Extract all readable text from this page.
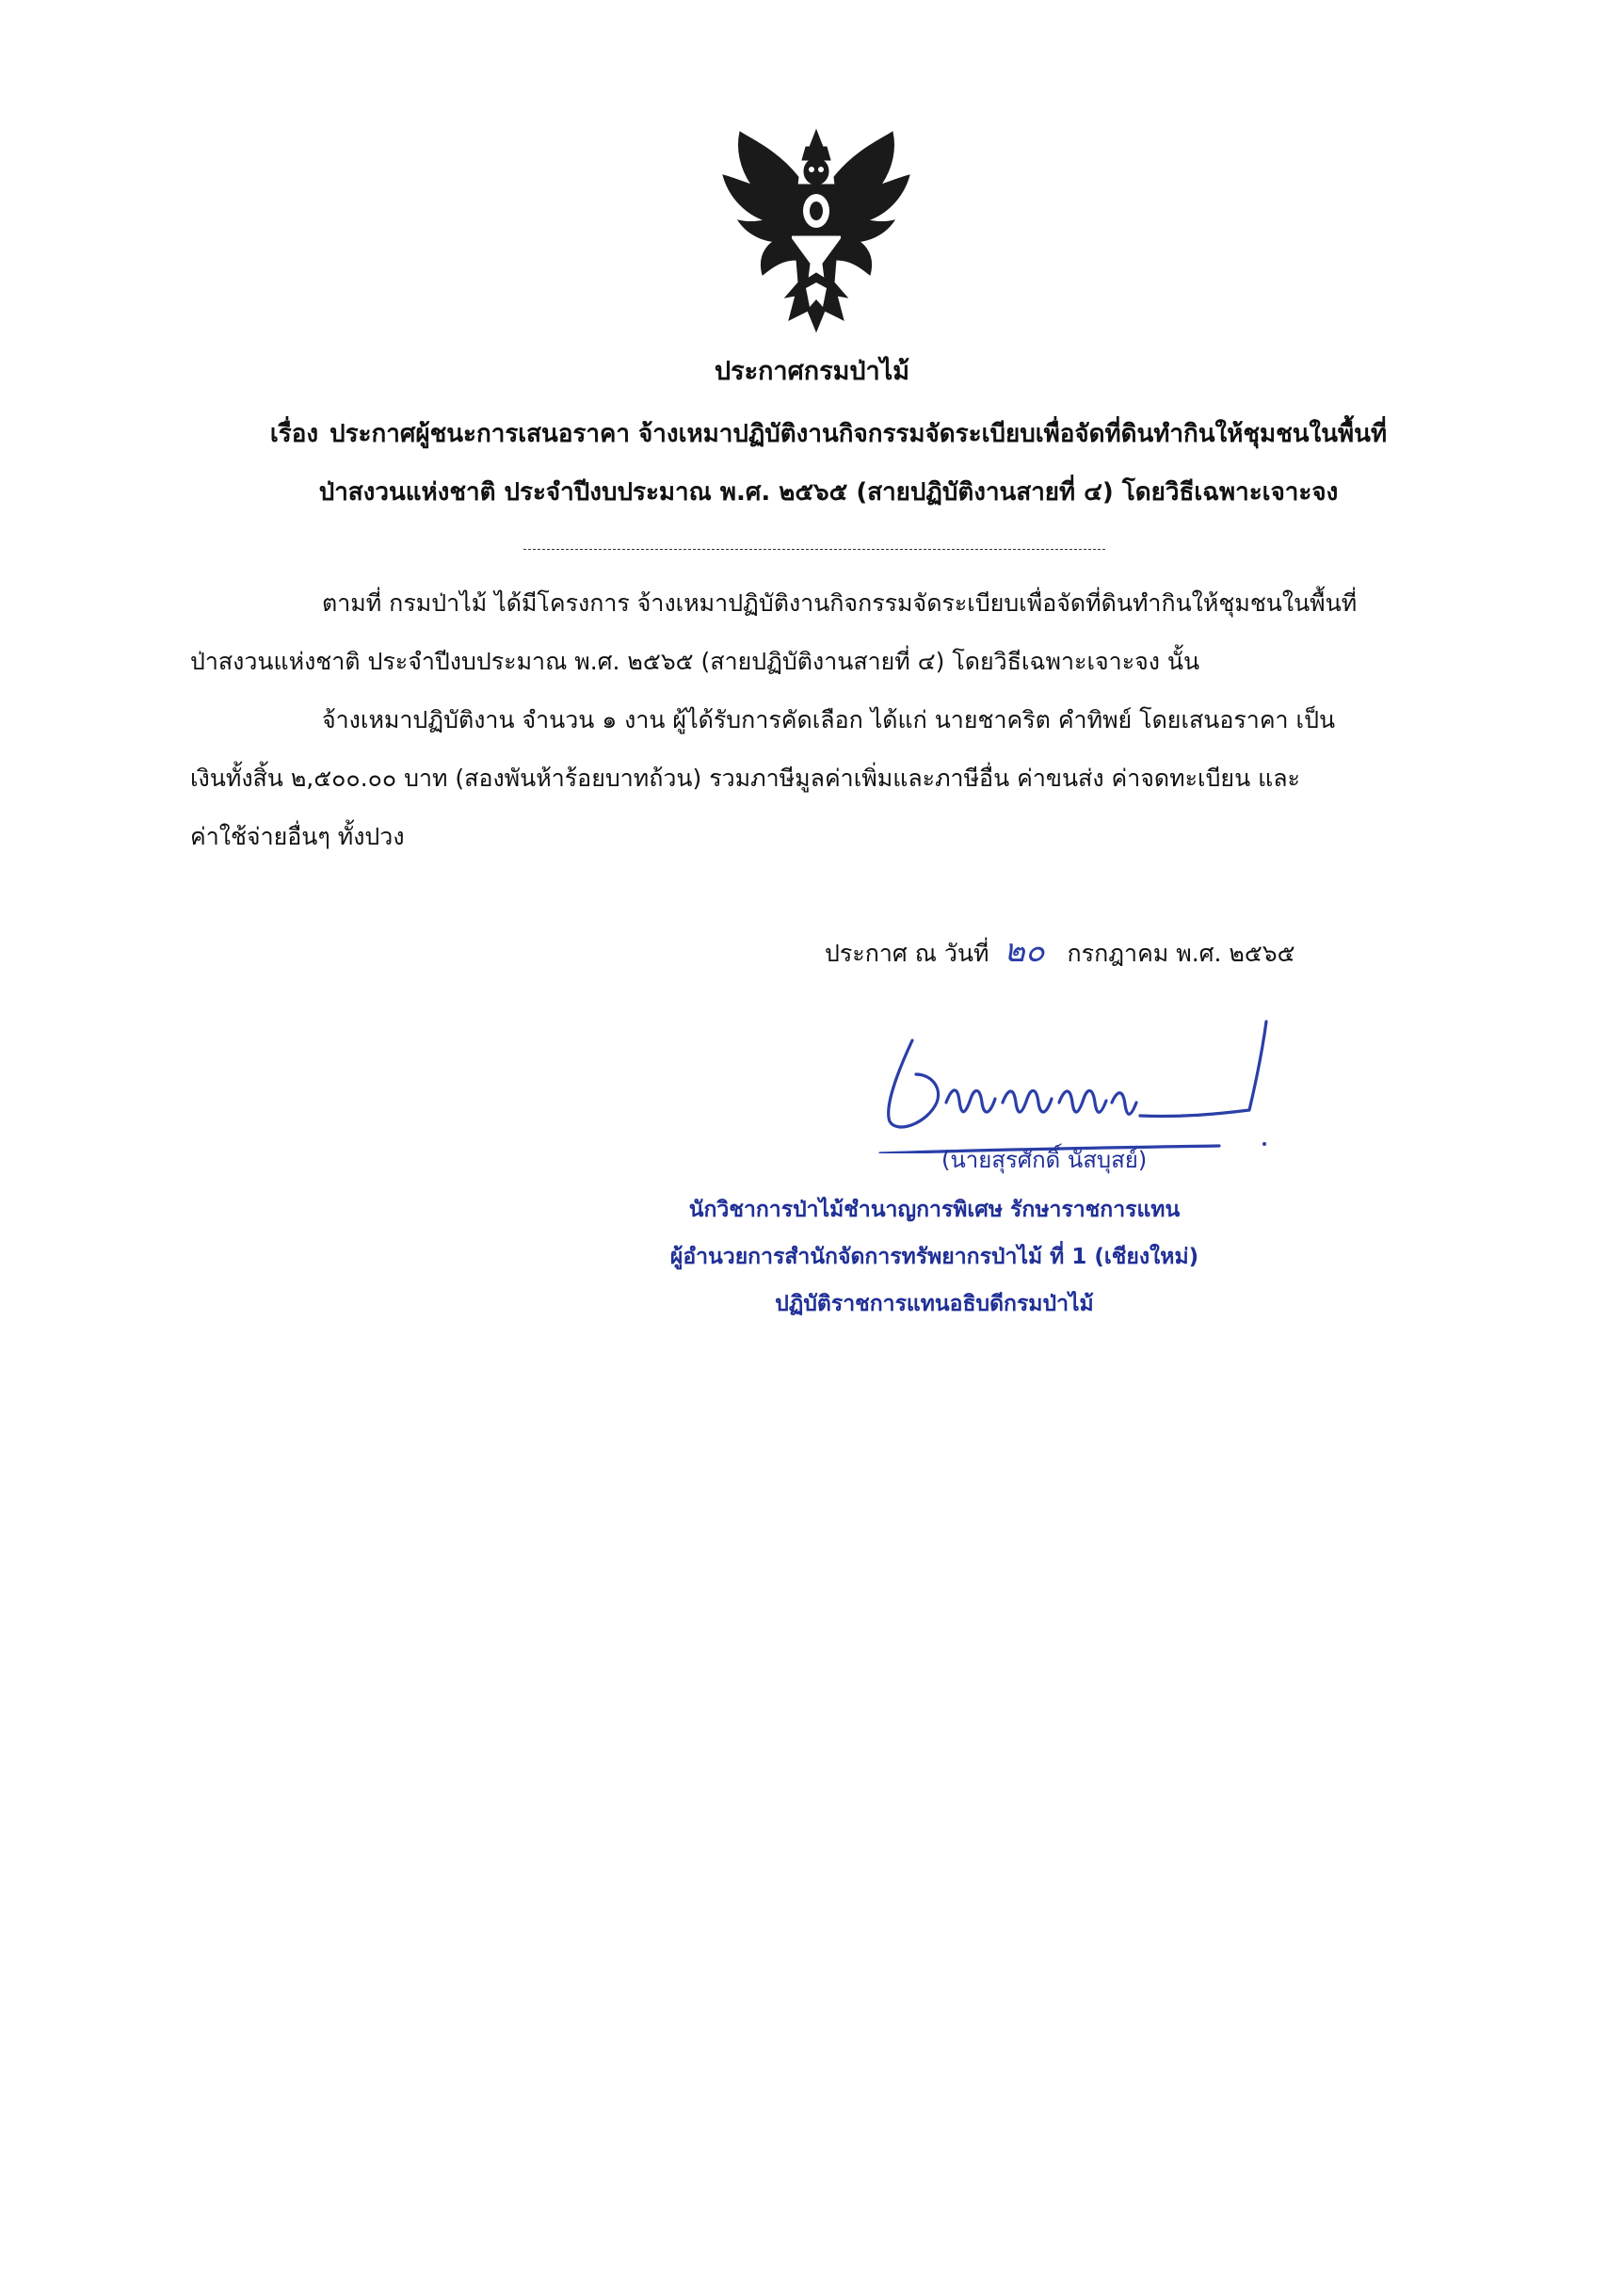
ประกาศกรมป่าไม้
เรื่อง ประกาศผู้ชนะการเสนอราคา จ้างเหมาปฏิบัติงานกิจกรรมจัดระเบียบเพื่อจัดที่ดินทำกินให้ชุมชนในพื้นที่
ป่าสงวนแห่งชาติ ประจำปีงบประมาณ พ.ศ. ๒๕๖๕ (สายปฏิบัติงานสายที่ ๔) โดยวิธีเฉพาะเจาะจง

ตามที่ กรมป่าไม้ ได้มีโครงการ จ้างเหมาปฏิบัติงานกิจกรรมจัดระเบียบเพื่อจัดที่ดินทำกินให้ชุมชนในพื้นที่

ป่าสงวนแห่งชาติ ประจำปีงบประมาณ พ.ศ. ๒๕๖๕ (สายปฏิบัติงานสายที่ ๔) โดยวิธีเฉพาะเจาะจง นั้น

จ้างเหมาปฏิบัติงาน จำนวน ๑ งาน ผู้ได้รับการคัดเลือก ได้แก่ นายชาคริต คำทิพย์ โดยเสนอราคา เป็น

เงินทั้งสิ้น ๒,๕๐๐.๐๐ บาท (สองพันห้าร้อยบาทถ้วน) รวมภาษีมูลค่าเพิ่มและภาษีอื่น ค่าขนส่ง ค่าจดทะเบียน และ

ค่าใช้จ่ายอื่นๆ ทั้งปวง

ประกาศ ณ วันที่ ๒๐ กรกฎาคม พ.ศ. ๒๕๖๕
(นายสุรศักดิ์ นัสบุสย์)
นักวิชาการป่าไม้ชำนาญการพิเศษ รักษาราชการแทน
ผู้อำนวยการสำนักจัดการทรัพยากรป่าไม้ ที่ 1 (เชียงใหม่)
ปฏิบัติราชการแทนอธิบดีกรมป่าไม้
